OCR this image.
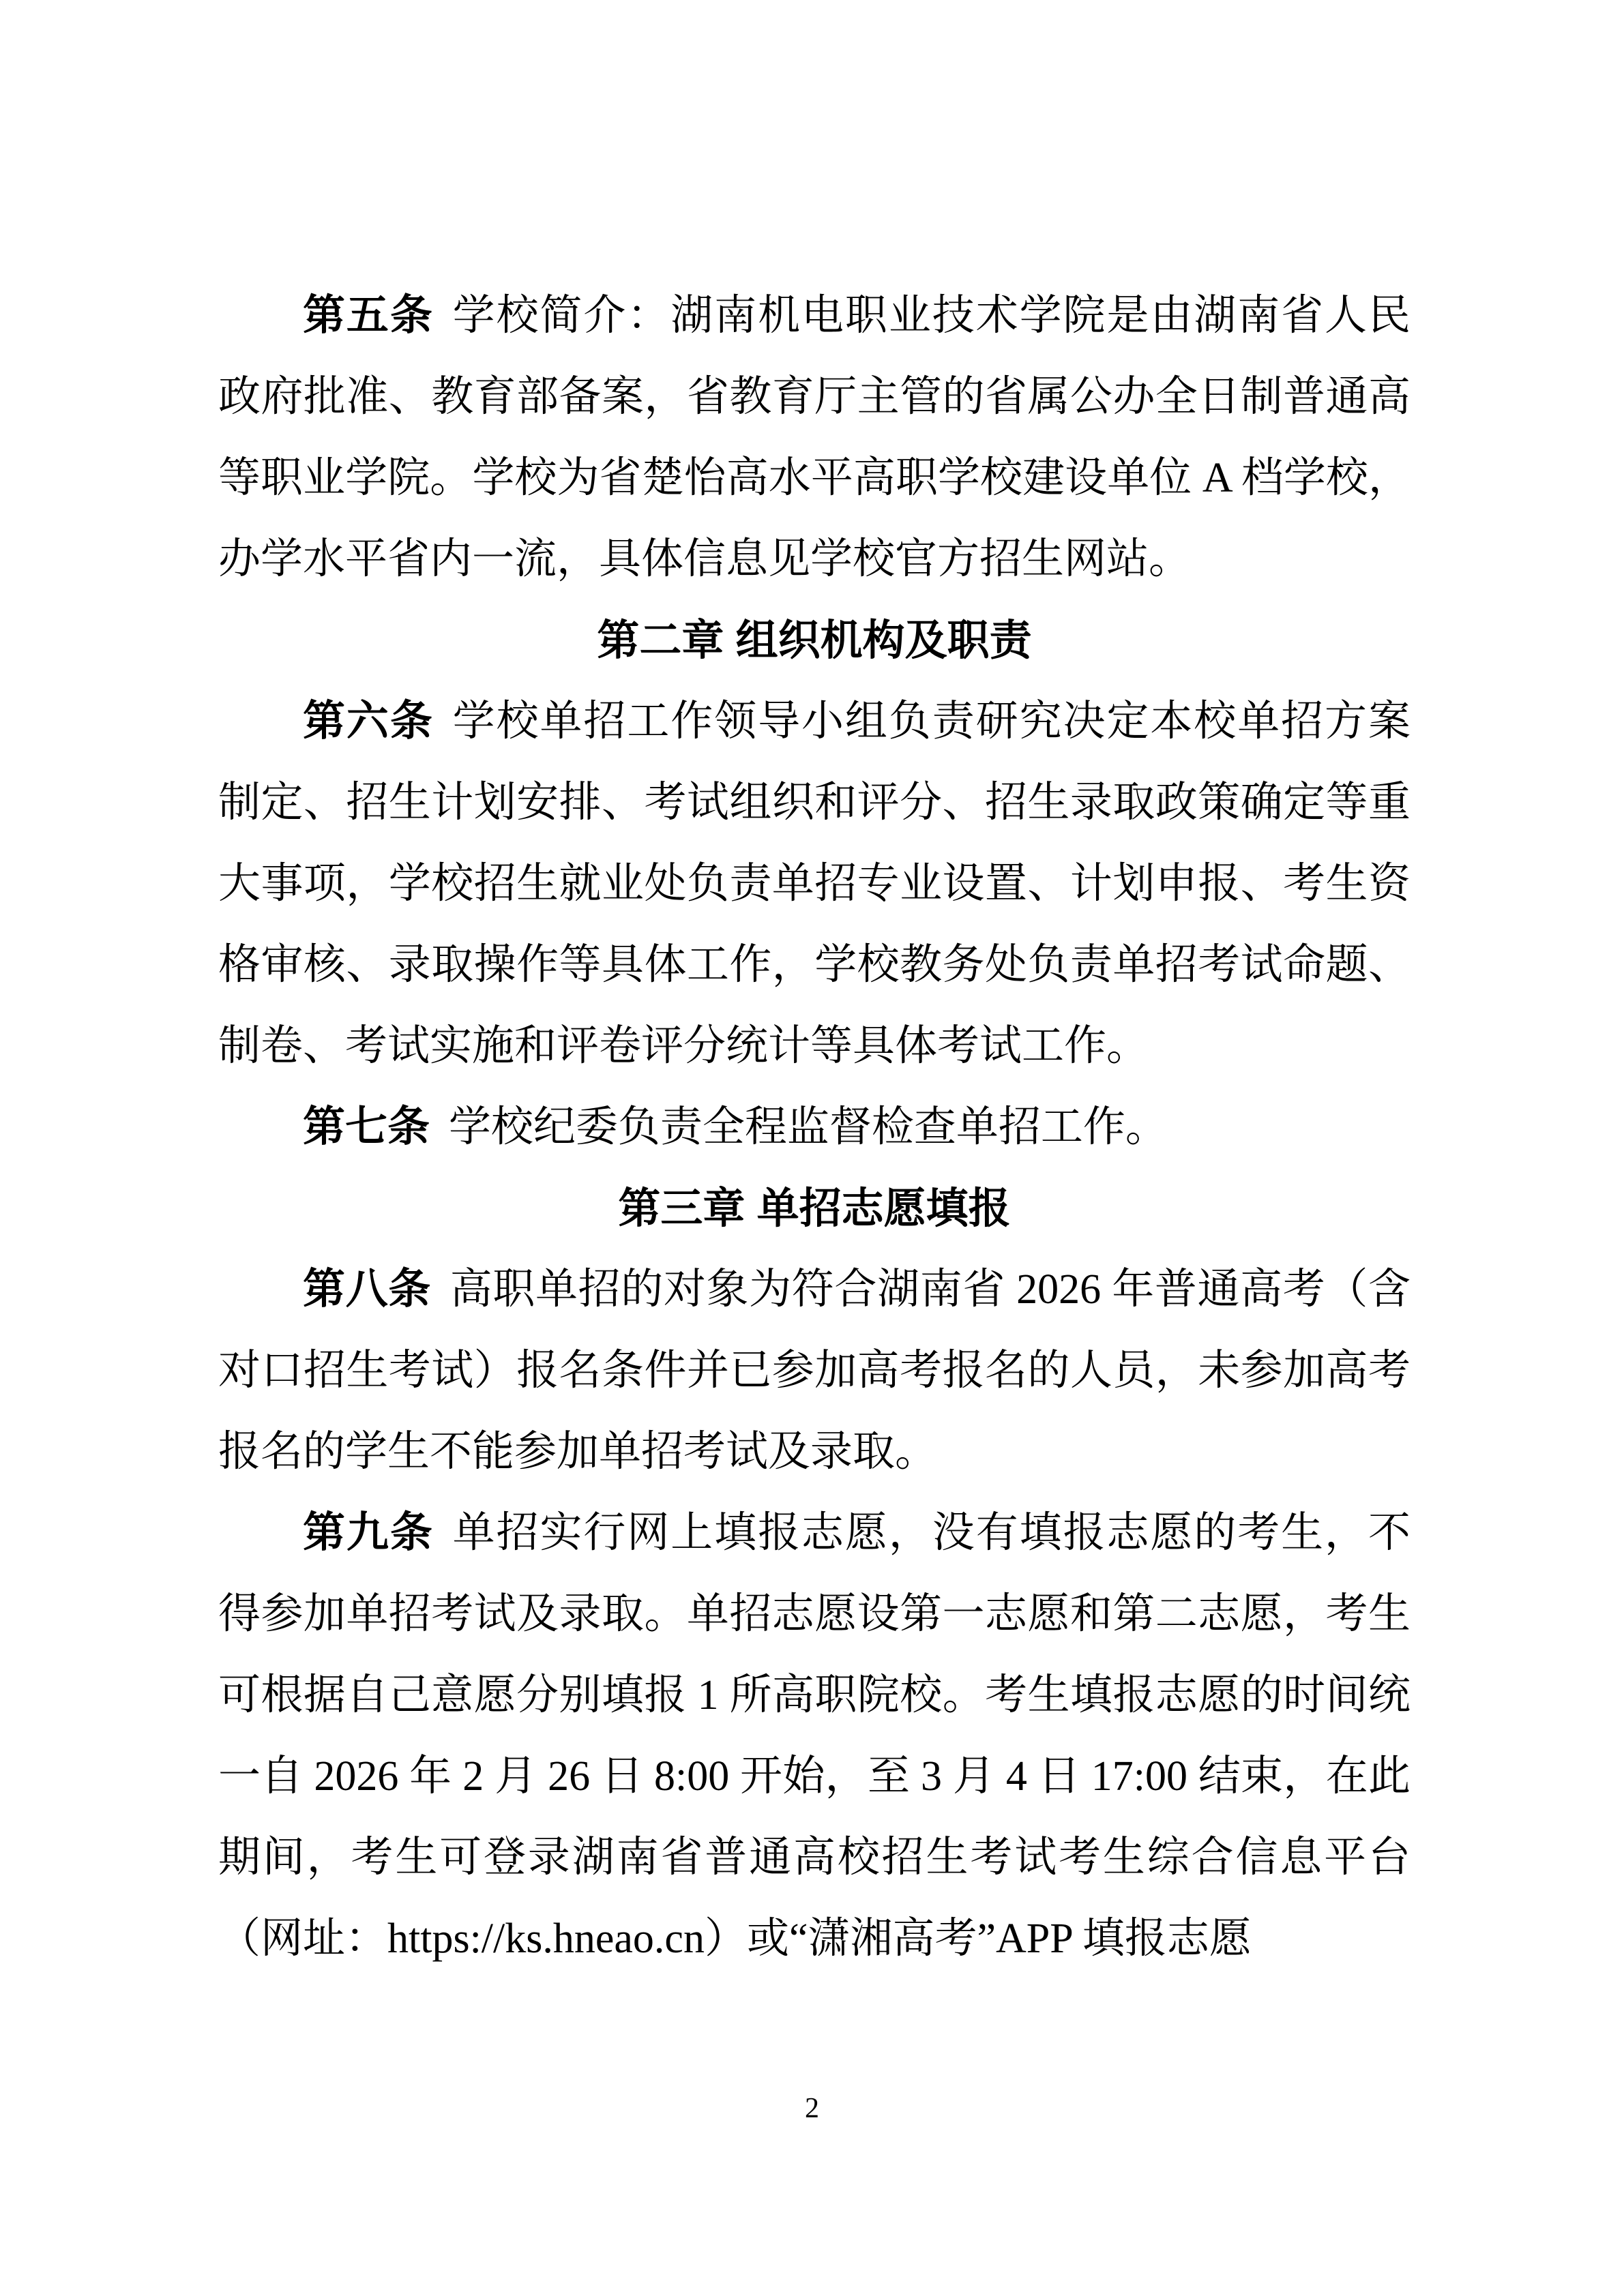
第五条 学校简介：湖南机电职业技术学院是由湖南省人民政府批准、教育部备案，省教育厅主管的省属公办全日制普通高等职业学院。学校为省楚怡高水平高职学校建设单位 A 档学校，办学水平省内一流，具体信息见学校官方招生网站。

第二章 组织机构及职责

第六条 学校单招工作领导小组负责研究决定本校单招方案制定、招生计划安排、考试组织和评分、招生录取政策确定等重大事项，学校招生就业处负责单招专业设置、计划申报、考生资格审核、录取操作等具体工作，学校教务处负责单招考试命题、制卷、考试实施和评卷评分统计等具体考试工作。

第七条 学校纪委负责全程监督检查单招工作。

第三章 单招志愿填报

第八条 高职单招的对象为符合湖南省 2026 年普通高考（含对口招生考试）报名条件并已参加高考报名的人员，未参加高考报名的学生不能参加单招考试及录取。

第九条 单招实行网上填报志愿，没有填报志愿的考生，不得参加单招考试及录取。单招志愿设第一志愿和第二志愿，考生可根据自己意愿分别填报 1 所高职院校。考生填报志愿的时间统一自 2026 年 2 月 26 日 8:00 开始，至 3 月 4 日 17:00 结束，在此期间，考生可登录湖南省普通高校招生考试考生综合信息平台（网址：https://ks.hneao.cn）或“潇湘高考”APP 填报志愿

2
